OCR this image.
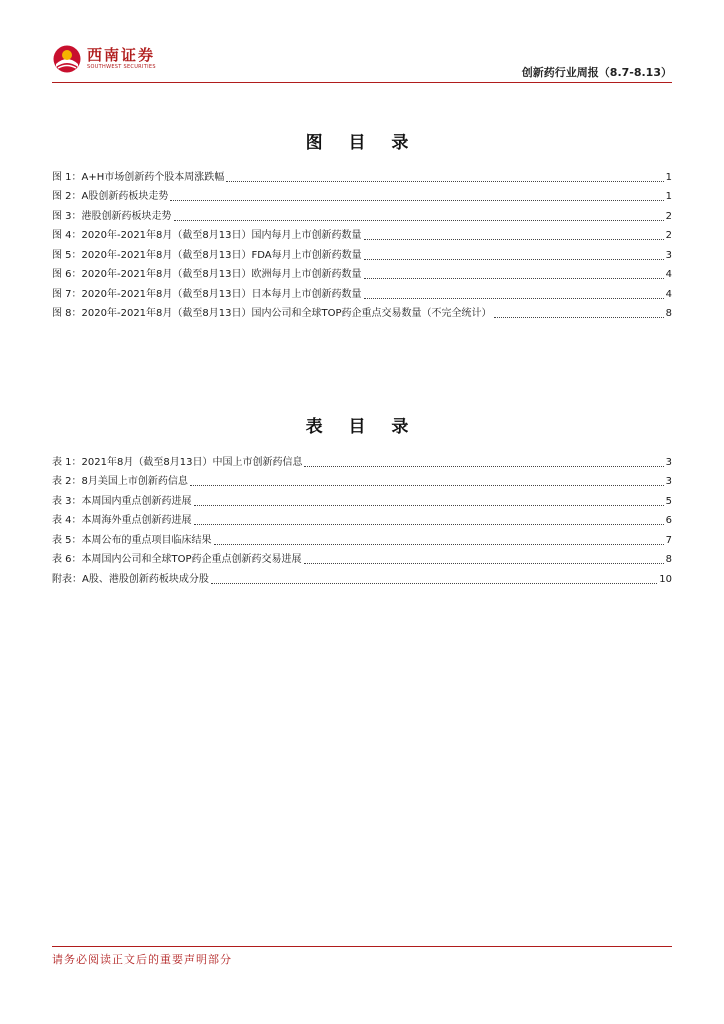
西南证券
SOUTHWEST SECURITIES	创新药行业周报（8.7-8.13）
图 目 录
图 1：A+H市场创新药个股本周涨跌幅	1
图 2：A股创新药板块走势	1
图 3：港股创新药板块走势	2
图 4：2020年-2021年8月（截至8月13日）国内每月上市创新药数量	2
图 5：2020年-2021年8月（截至8月13日）FDA每月上市创新药数量	3
图 6：2020年-2021年8月（截至8月13日）欧洲每月上市创新药数量	4
图 7：2020年-2021年8月（截至8月13日）日本每月上市创新药数量	4
图 8：2020年-2021年8月（截至8月13日）国内公司和全球TOP药企重点交易数量（不完全统计）	8
表 目 录
表 1：2021年8月（截至8月13日）中国上市创新药信息	3
表 2：8月美国上市创新药信息	3
表 3：本周国内重点创新药进展	5
表 4：本周海外重点创新药进展	6
表 5：本周公布的重点项目临床结果	7
表 6：本周国内公司和全球TOP药企重点创新药交易进展	8
附表：A股、港股创新药板块成分股	10
请务必阅读正文后的重要声明部分
